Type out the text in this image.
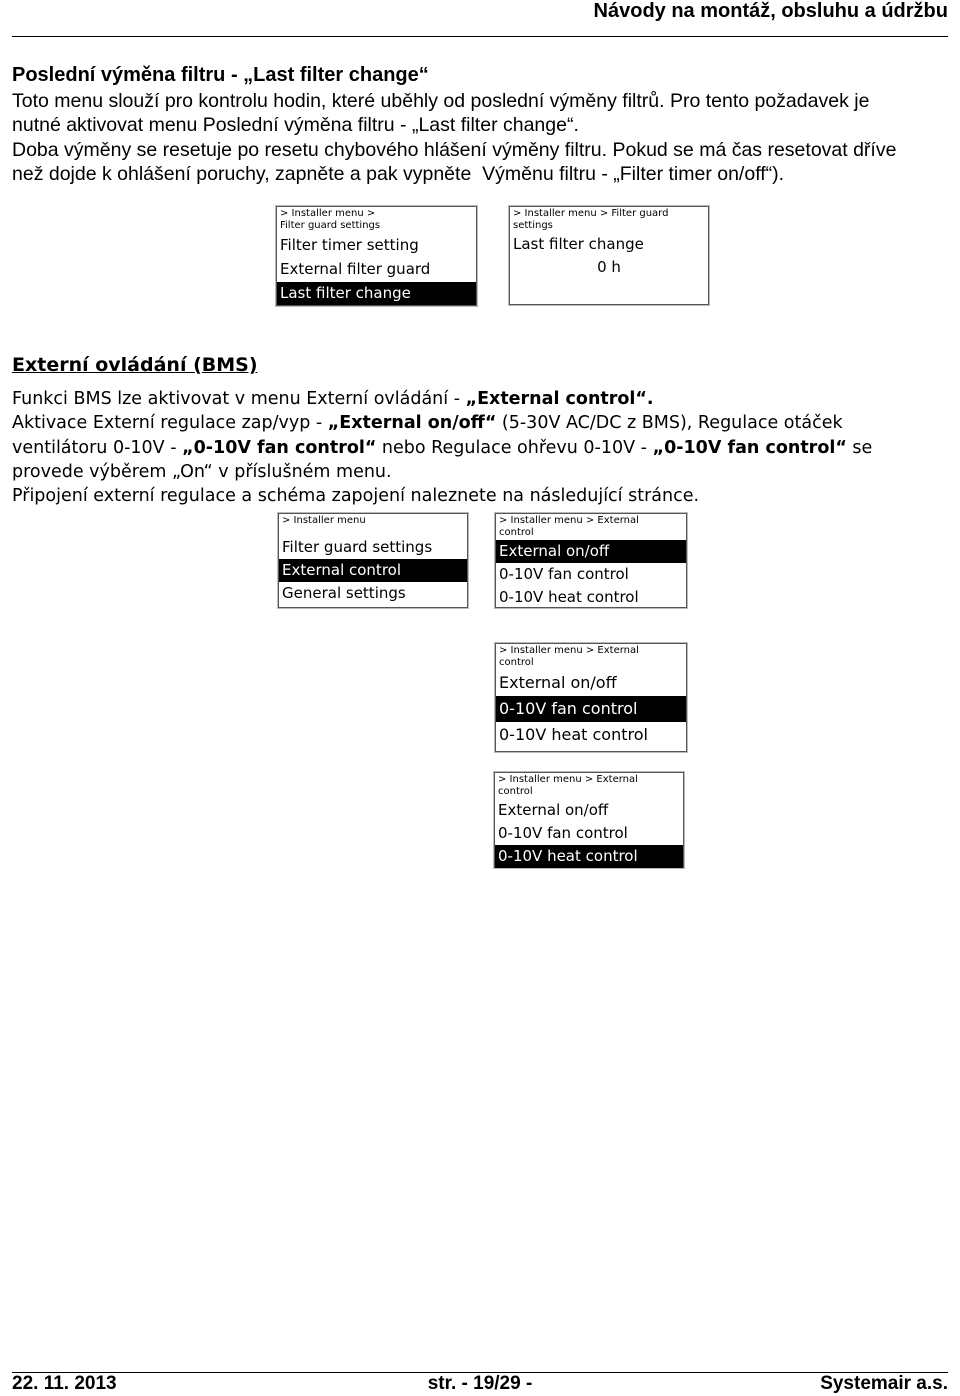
Návody na montáž, obsluhu a údržbu
Poslední výměna filtru - „Last filter change“
Toto menu slouží pro kontrolu hodin, které uběhly od poslední výměny filtrů. Pro tento požadavek je
nutné aktivovat menu Poslední výměna filtru - „Last filter change“.
Doba výměny se resetuje po resetu chybového hlášení výměny filtru. Pokud se má čas resetovat dříve
než dojde k ohlášení poruchy, zapněte a pak vypněte  Výměnu filtru - „Filter timer on/off“).
> Installer menu >
Filter guard settings
Filter timer setting
External filter guard
Last filter change
> Installer menu > Filter guard
settings
Last filter change
0 h
Externí ovládání (BMS)
Funkci BMS lze aktivovat v menu Externí ovládání - „External control“.
Aktivace Externí regulace zap/vyp - „External on/off“ (5-30V AC/DC z BMS), Regulace otáček
ventilátoru 0-10V - „0-10V fan control“ nebo Regulace ohřevu 0-10V - „0-10V fan control“ se
provede výběrem „On“ v příslušném menu.
Připojení externí regulace a schéma zapojení naleznete na následující stránce.
> Installer menu
Filter guard settings
External control
General settings
> Installer menu > External
control
External on/off
0-10V fan control
0-10V heat control
> Installer menu > External
control
External on/off
0-10V fan control
0-10V heat control
> Installer menu > External
control
External on/off
0-10V fan control
0-10V heat control
22. 11. 2013	str. - 19/29 -	Systemair a.s.
